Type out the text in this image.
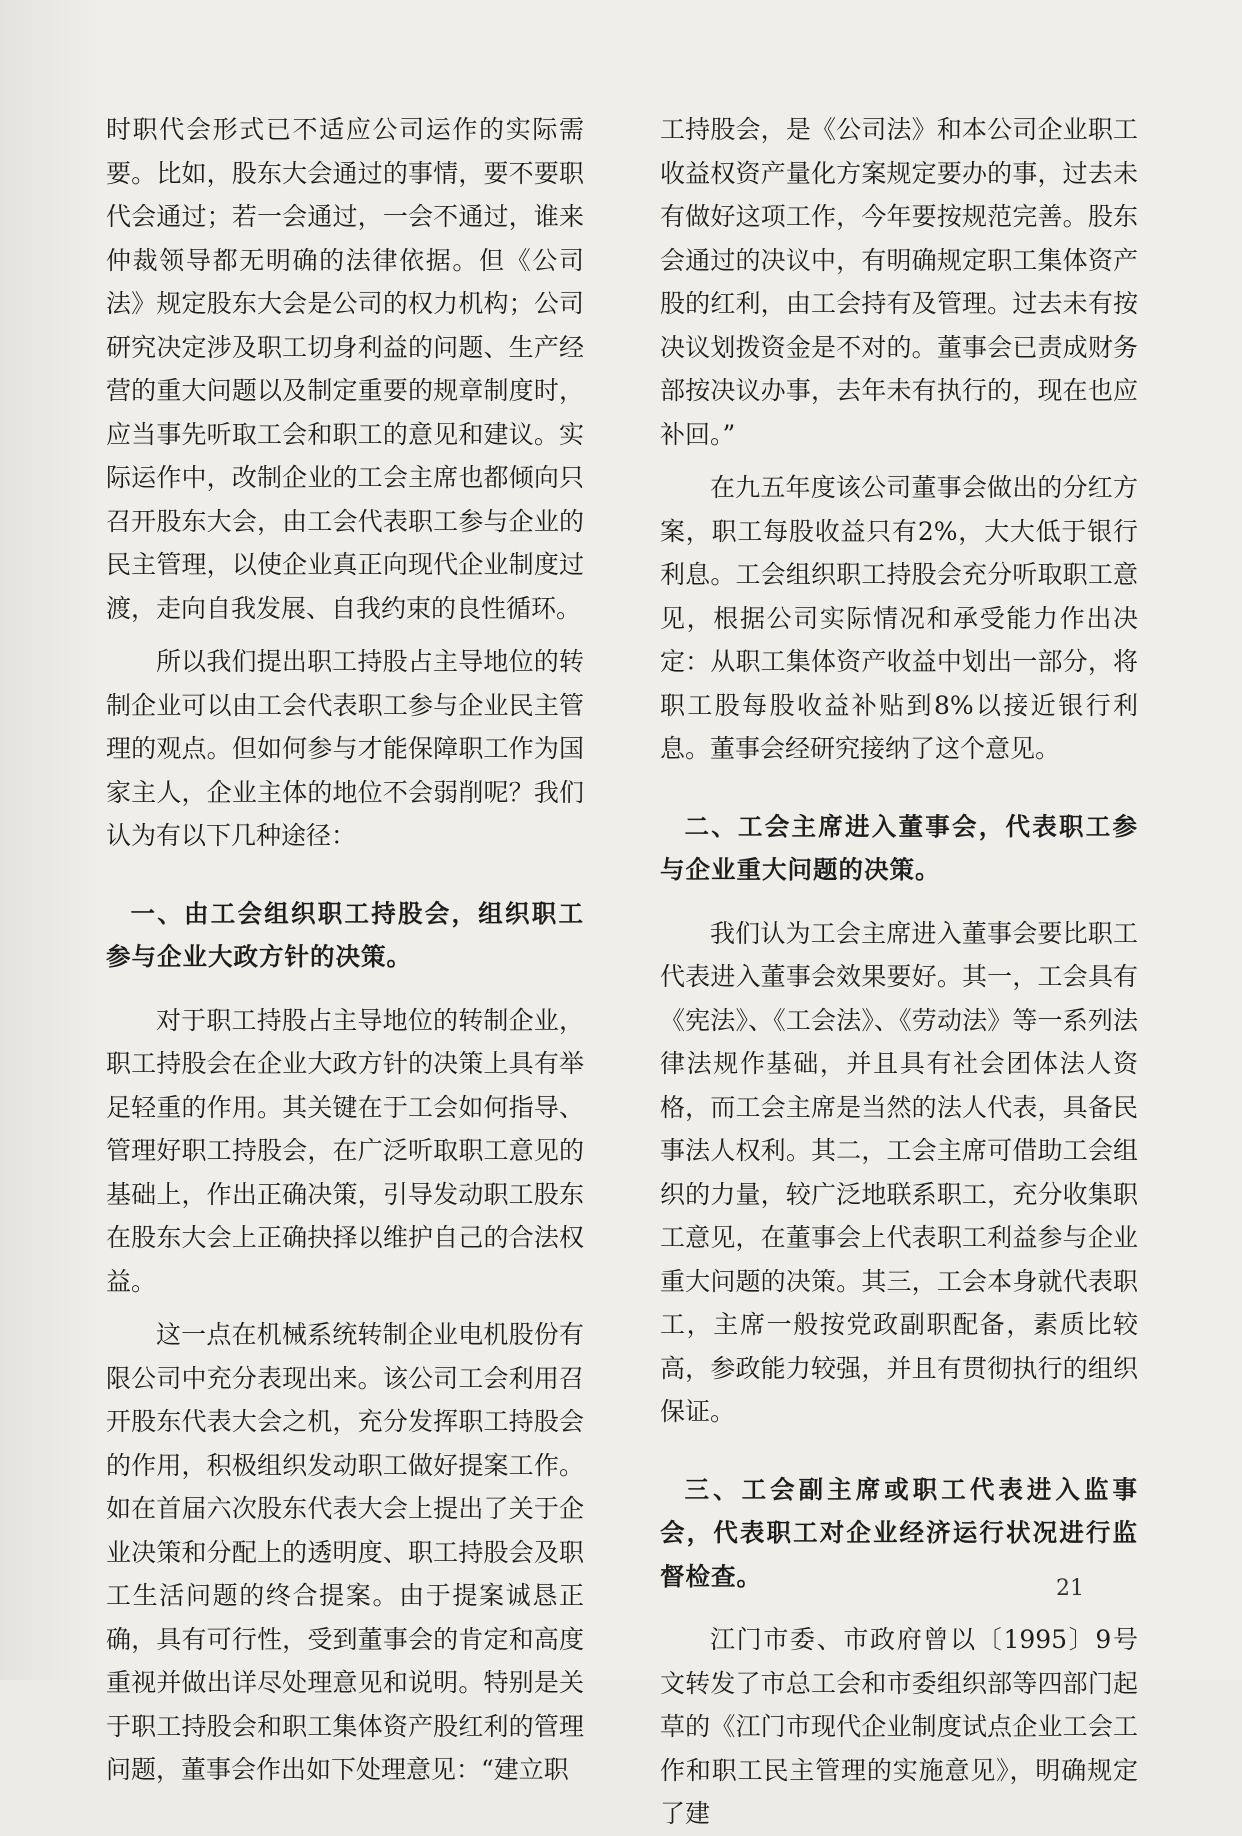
时职代会形式已不适应公司运作的实际需要。比如，股东大会通过的事情，要不要职代会通过；若一会通过，一会不通过，谁来仲裁领导都无明确的法律依据。但《公司法》规定股东大会是公司的权力机构；公司研究决定涉及职工切身利益的问题、生产经营的重大问题以及制定重要的规章制度时，应当事先听取工会和职工的意见和建议。实际运作中，改制企业的工会主席也都倾向只召开股东大会，由工会代表职工参与企业的民主管理，以使企业真正向现代企业制度过渡，走向自我发展、自我约束的良性循环。

所以我们提出职工持股占主导地位的转制企业可以由工会代表职工参与企业民主管理的观点。但如何参与才能保障职工作为国家主人，企业主体的地位不会弱削呢？我们认为有以下几种途径：

一、由工会组织职工持股会，组织职工参与企业大政方针的决策。

对于职工持股占主导地位的转制企业，职工持股会在企业大政方针的决策上具有举足轻重的作用。其关键在于工会如何指导、管理好职工持股会，在广泛听取职工意见的基础上，作出正确决策，引导发动职工股东在股东大会上正确抉择以维护自己的合法权益。

这一点在机械系统转制企业电机股份有限公司中充分表现出来。该公司工会利用召开股东代表大会之机，充分发挥职工持股会的作用，积极组织发动职工做好提案工作。如在首届六次股东代表大会上提出了关于企业决策和分配上的透明度、职工持股会及职工生活问题的终合提案。由于提案诚恳正确，具有可行性，受到董事会的肯定和高度重视并做出详尽处理意见和说明。特别是关于职工持股会和职工集体资产股红利的管理问题，董事会作出如下处理意见：“建立职

工持股会，是《公司法》和本公司企业职工收益权资产量化方案规定要办的事，过去未有做好这项工作，今年要按规范完善。股东会通过的决议中，有明确规定职工集体资产股的红利，由工会持有及管理。过去未有按决议划拨资金是不对的。董事会已责成财务部按决议办事，去年未有执行的，现在也应补回。”

在九五年度该公司董事会做出的分红方案，职工每股收益只有2%，大大低于银行利息。工会组织职工持股会充分听取职工意见，根据公司实际情况和承受能力作出决定：从职工集体资产收益中划出一部分，将职工股每股收益补贴到8%以接近银行利息。董事会经研究接纳了这个意见。

二、工会主席进入董事会，代表职工参与企业重大问题的决策。

我们认为工会主席进入董事会要比职工代表进入董事会效果要好。其一，工会具有《宪法》、《工会法》、《劳动法》等一系列法律法规作基础，并且具有社会团体法人资格，而工会主席是当然的法人代表，具备民事法人权利。其二，工会主席可借助工会组织的力量，较广泛地联系职工，充分收集职工意见，在董事会上代表职工利益参与企业重大问题的决策。其三，工会本身就代表职工，主席一般按党政副职配备，素质比较高，参政能力较强，并且有贯彻执行的组织保证。

三、工会副主席或职工代表进入监事会，代表职工对企业经济运行状况进行监督检查。

江门市委、市政府曾以〔1995〕9号文转发了市总工会和市委组织部等四部门起草的《江门市现代企业制度试点企业工会工作和职工民主管理的实施意见》，明确规定了建

21
